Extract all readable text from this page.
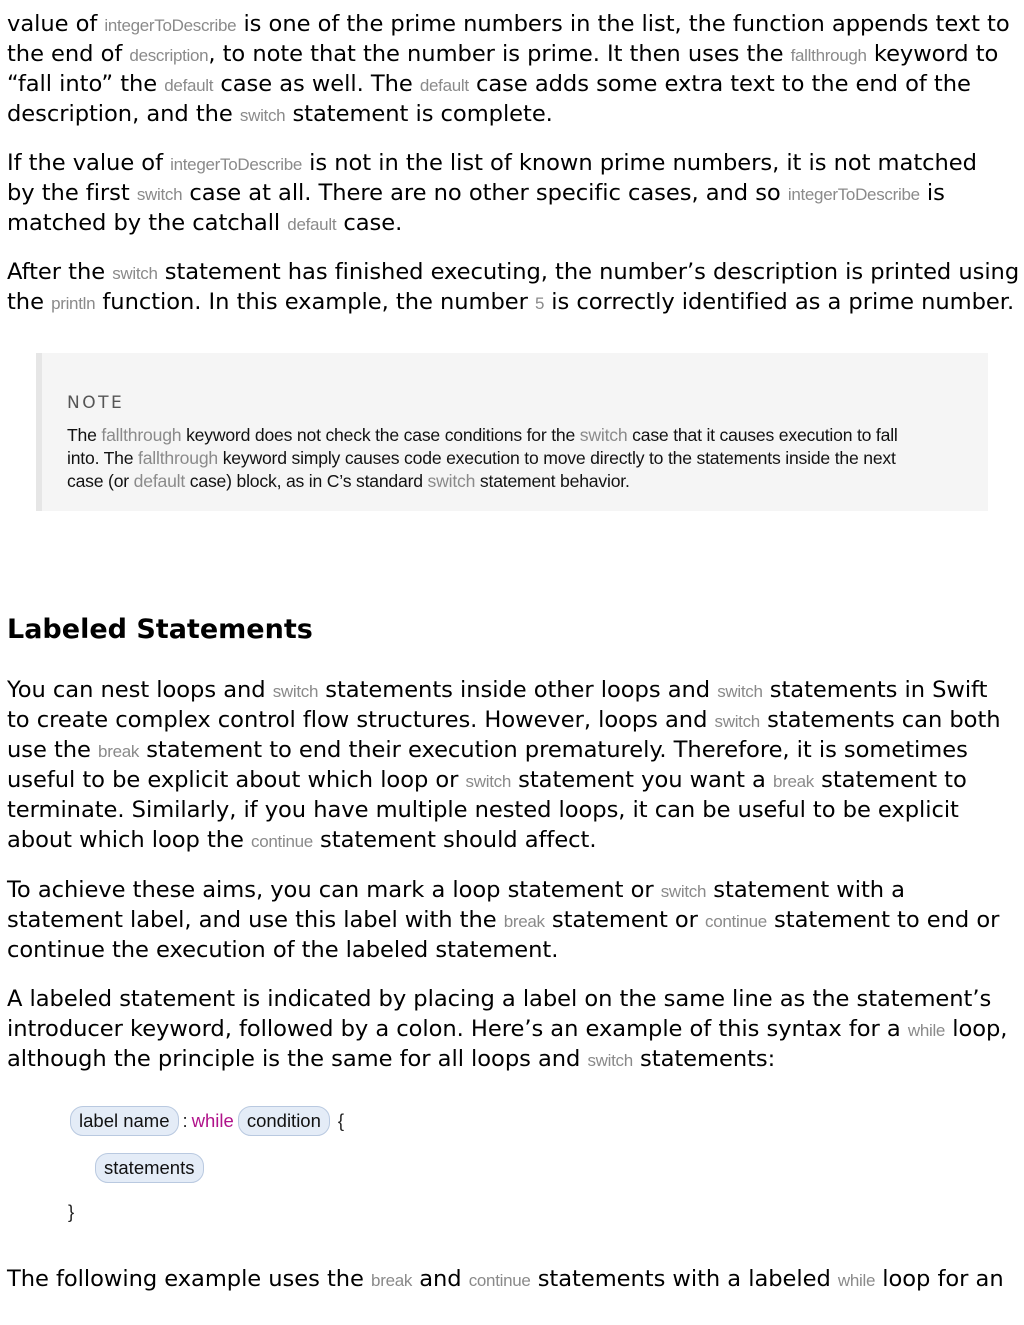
value of integerToDescribe is one of the prime numbers in the list, the function appends text to
the end of description, to note that the number is prime. It then uses the fallthrough keyword to
“fall into” the default case as well. The default case adds some extra text to the end of the
description, and the switch statement is complete.
If the value of integerToDescribe is not in the list of known prime numbers, it is not matched
by the first switch case at all. There are no other specific cases, and so integerToDescribe is
matched by the catchall default case.
After the switch statement has finished executing, the number’s description is printed using
the println function. In this example, the number 5 is correctly identified as a prime number.
NOTE
The fallthrough keyword does not check the case conditions for the switch case that it causes execution to fall
into. The fallthrough keyword simply causes code execution to move directly to the statements inside the next
case (or default case) block, as in C’s standard switch statement behavior.
Labeled Statements
You can nest loops and switch statements inside other loops and switch statements in Swift
to create complex control flow structures. However, loops and switch statements can both
use the break statement to end their execution prematurely. Therefore, it is sometimes
useful to be explicit about which loop or switch statement you want a break statement to
terminate. Similarly, if you have multiple nested loops, it can be useful to be explicit
about which loop the continue statement should affect.
To achieve these aims, you can mark a loop statement or switch statement with a
statement label, and use this label with the break statement or continue statement to end or
continue the execution of the labeled statement.
A labeled statement is indicated by placing a label on the same line as the statement’s
introducer keyword, followed by a colon. Here’s an example of this syntax for a while loop,
although the principle is the same for all loops and switch statements:
label name : while condition {
statements
}
The following example uses the break and continue statements with a labeled while loop for an
